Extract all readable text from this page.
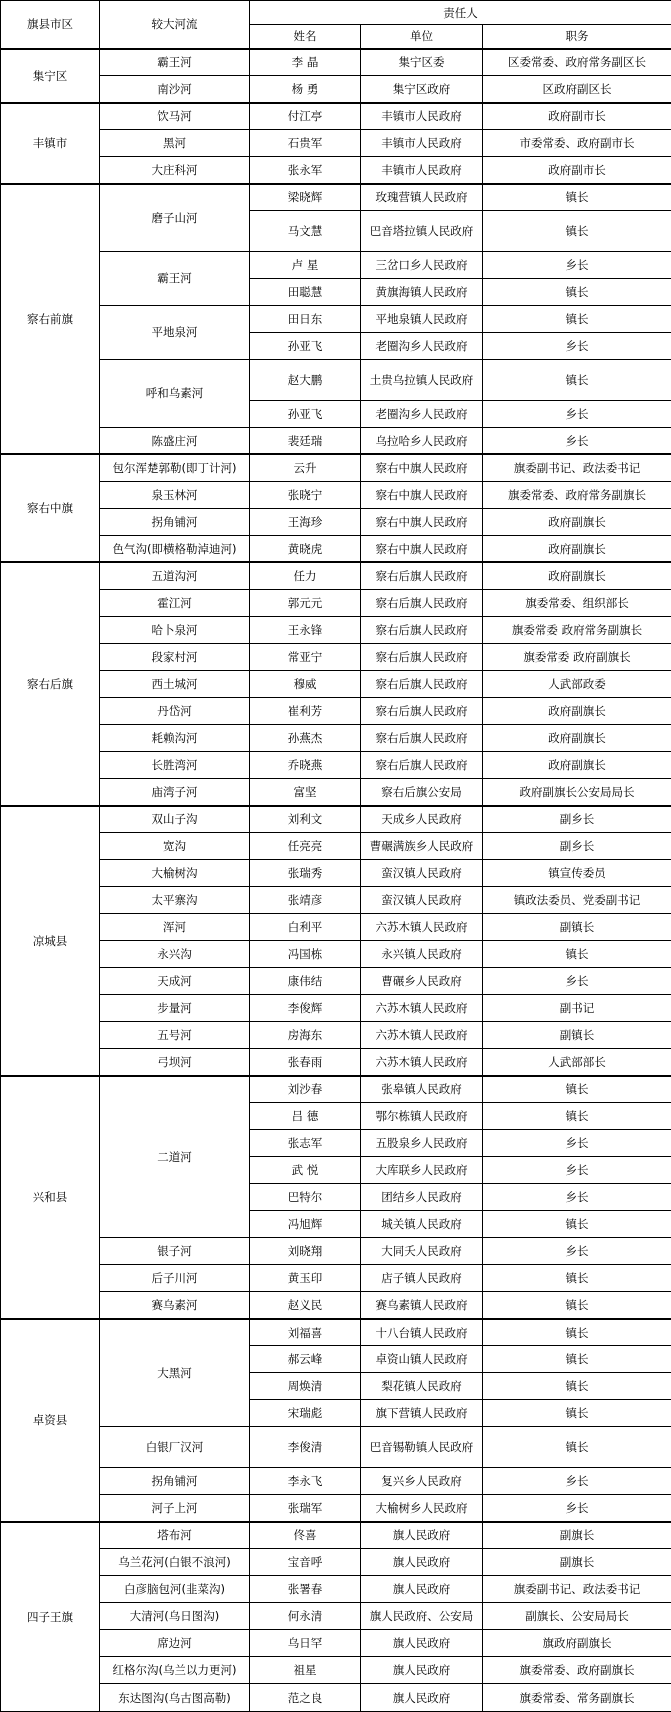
旗县市区	较大河流	责任人		
		姓名	单位	职务
集宁区	霸王河	李 晶	集宁区委	区委常委、政府常务副区长
	南沙河	杨 勇	集宁区政府	区政府副区长
丰镇市	饮马河	付江亭	丰镇市人民政府	政府副市长
	黑河	石贵军	丰镇市人民政府	市委常委、政府副市长
	大庄科河	张永军	丰镇市人民政府	政府副市长
察右前旗	磨子山河	梁晓辉	玫瑰营镇人民政府	镇长
		马文慧	巴音塔拉镇人民政府	镇长
	霸王河	卢 星	三岔口乡人民政府	乡长
		田聪慧	黄旗海镇人民政府	镇长
	平地泉河	田日东	平地泉镇人民政府	镇长
		孙亚飞	老圈沟乡人民政府	乡长
	呼和乌素河	赵大鹏	土贵乌拉镇人民政府	镇长
		孙亚飞	老圈沟乡人民政府	乡长
	陈盛庄河	裴廷瑞	乌拉哈乡人民政府	乡长
察右中旗	包尔浑楚郭勒(即丁计河)	云升	察右中旗人民政府	旗委副书记、政法委书记
	泉玉林河	张晓宁	察右中旗人民政府	旗委常委、政府常务副旗长
	拐角铺河	王海珍	察右中旗人民政府	政府副旗长
	色气沟(即横格勒淖迪河)	黄晓虎	察右中旗人民政府	政府副旗长
察右后旗	五道沟河	任力	察右后旗人民政府	政府副旗长
	霍江河	郭元元	察右后旗人民政府	旗委常委、组织部长
	哈卜泉河	王永锋	察右后旗人民政府	旗委常委 政府常务副旗长
	段家村河	常亚宁	察右后旗人民政府	旗委常委 政府副旗长
	西土城河	穆威	察右后旗人民政府	人武部政委
	丹岱河	崔利芳	察右后旗人民政府	政府副旗长
	耗赖沟河	孙燕杰	察右后旗人民政府	政府副旗长
	长胜湾河	乔晓燕	察右后旗人民政府	政府副旗长
	庙湾子河	富坚	察右后旗公安局	政府副旗长公安局局长
凉城县	双山子沟	刘利文	天成乡人民政府	副乡长
	宽沟	任亮亮	曹碾满族乡人民政府	副乡长
	大榆树沟	张瑞秀	蛮汉镇人民政府	镇宣传委员
	太平寨沟	张靖彦	蛮汉镇人民政府	镇政法委员、党委副书记
	浑河	白利平	六苏木镇人民政府	副镇长
	永兴沟	冯国栋	永兴镇人民政府	镇长
	天成河	康伟结	曹碾乡人民政府	乡长
	步量河	李俊辉	六苏木镇人民政府	副书记
	五号河	房海东	六苏木镇人民政府	副镇长
	弓坝河	张春雨	六苏木镇人民政府	人武部部长
兴和县	二道河	刘沙春	张皋镇人民政府	镇长
		吕 德	鄂尔栋镇人民政府	镇长
		张志军	五股泉乡人民政府	乡长
		武 悦	大库联乡人民政府	乡长
		巴特尔	团结乡人民政府	乡长
		冯旭辉	城关镇人民政府	镇长
	银子河	刘晓翔	大同夭人民政府	乡长
	后子川河	黄玉印	店子镇人民政府	镇长
	赛乌素河	赵义民	赛乌素镇人民政府	镇长
卓资县	大黑河	刘福喜	十八台镇人民政府	镇长
		郝云峰	卓资山镇人民政府	镇长
		周焕清	梨花镇人民政府	镇长
		宋瑞彪	旗下营镇人民政府	镇长
	白银厂汉河	李俊清	巴音锡勒镇人民政府	镇长
	拐角铺河	李永飞	复兴乡人民政府	乡长
	河子上河	张瑞军	大榆树乡人民政府	乡长
四子王旗	塔布河	佟喜	旗人民政府	副旗长
	乌兰花河(白银不浪河)	宝音呼	旗人民政府	副旗长
	白彦脑包河(韭菜沟)	张署春	旗人民政府	旗委副书记、政法委书记
	大清河(乌日图沟)	何永清	旗人民政府、公安局	副旗长、公安局局长
	席边河	乌日罕	旗人民政府	旗政府副旗长
	红格尔沟(乌兰以力更河)	祖星	旗人民政府	旗委常委、政府副旗长
	东达图沟(乌古图高勒)	范之良	旗人民政府	旗委常委、常务副旗长
